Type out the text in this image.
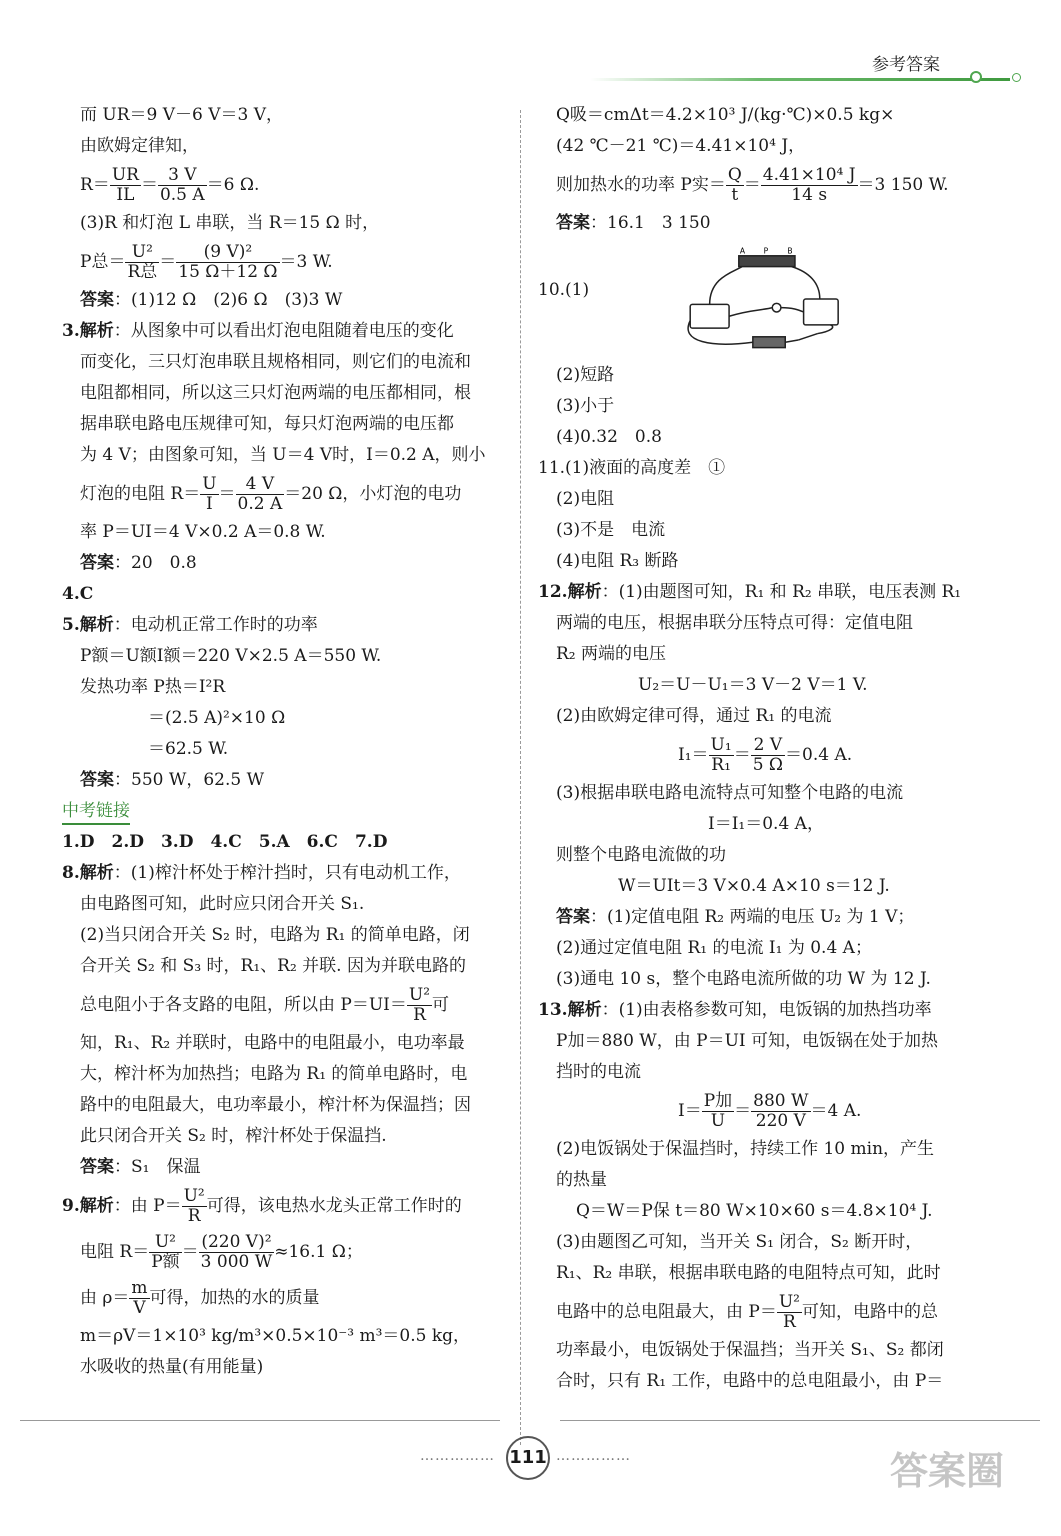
参考答案
而 UR＝9 V－6 V＝3 V，
由欧姆定律知，
$R= \frac{UR}{IL} = \frac{3 V}{0.5 A} =6$ Ω.
(3)R 和灯泡 L 串联，当 R＝15 Ω 时，
P总＝ $\frac{\text{U²}}{\text{R总}} = \frac{\text{(9 V)²}}{15 \Omega+12 \Omega} =3$ W.
答案：(1)12 Ω　(2)6 Ω　(3)3 W
3.解析：从图象中可以看出灯泡电阻随着电压的变化
而变化，三只灯泡串联且规格相同，则它们的电流和
电阻都相同，所以这三只灯泡两端的电压都相同，根
据串联电路电压规律可知，每只灯泡两端的电压都
为 4 V；由图象可知，当 U＝4 V时，I＝0.2 A，则小
灯泡的电阻 $R= \frac{U}{I} = \frac{4 V}{0.2 A} =20$ Ω，小灯泡的电功
率 P＝UI＝4 V×0.2 A＝0.8 W.
答案：20　0.8
4.C
5.解析：电动机正常工作时的功率
P额＝U额I额＝220 V×2.5 A＝550 W.
发热功率 P热＝I²R
＝(2.5 A)²×10 Ω
＝62.5 W.
答案：550 W，62.5 W
中考链接
1.D　2.D　3.D　4.C　5.A　6.C　7.D
8.解析：(1)榨汁杯处于榨汁挡时，只有电动机工作，
由电路图可知，此时应只闭合开关 S₁.
(2)当只闭合开关 S₂ 时，电路为 R₁ 的简单电路，闭
合开关 S₂ 和 S₃ 时，R₁、R₂ 并联. 因为并联电路的
总电阻小于各支路的电阻，所以由 $P=UI= \frac{\text{U²}}{R}$ 可
知，R₁、R₂ 并联时，电路中的电阻最小，电功率最
大，榨汁杯为加热挡；电路为 R₁ 的简单电路时，电
路中的电阻最大，电功率最小，榨汁杯为保温挡；因
此只闭合开关 S₂ 时，榨汁杯处于保温挡.
答案：S₁　保温
9.解析：由 $P= \frac{\text{U²}}{R}$ 可得，该电热水龙头正常工作时的
电阻 $R= \frac{\text{U²}}{\text{P额}} = \frac{\text{(220 V)²}}{3 000 W} \approx 16.1$ Ω；
由 $\rho= \frac{m}{V}$ 可得，加热的水的质量
m＝ρV＝1×10³ kg/m³×0.5×10⁻³ m³＝0.5 kg，
水吸收的热量(有用能量)
Q吸＝cmΔt＝4.2×10³ J/(kg·℃)×0.5 kg×
(42 ℃－21 ℃)＝4.41×10⁴ J，
则加热水的功率 P实＝ $\frac{Q}{t} = \frac{\text{4.41×10⁴ J}}{14 s} =3$ 150 W.
答案：16.1　3 150
10.(1)
A	P	B
(2)短路
(3)小于
(4)0.32　0.8
11.(1)液面的高度差　①
(2)电阻
(3)不是　电流
(4)电阻 R₃ 断路
12.解析：(1)由题图可知，R₁ 和 R₂ 串联，电压表测 R₁
两端的电压，根据串联分压特点可得：定值电阻
R₂ 两端的电压
U₂＝U－U₁＝3 V－2 V＝1 V.
(2)由欧姆定律可得，通过 R₁ 的电流
$I_1= \frac{\text{U₁}}{\text{R₁}} = \frac{2 V}{5 \Omega} =0.4$ A.
(3)根据串联电路电流特点可知整个电路的电流
I＝I₁＝0.4 A，
则整个电路电流做的功
W＝UIt＝3 V×0.4 A×10 s＝12 J.
答案：(1)定值电阻 R₂ 两端的电压 U₂ 为 1 V；
(2)通过定值电阻 R₁ 的电流 I₁ 为 0.4 A；
(3)通电 10 s，整个电路电流所做的功 W 为 12 J.
13.解析：(1)由表格参数可知，电饭锅的加热挡功率
P加＝880 W，由 P＝UI 可知，电饭锅在处于加热
挡时的电流
$I= \frac{\text{P加}}{U} = \frac{880 W}{220 V} =4$ A.
(2)电饭锅处于保温挡时，持续工作 10 min，产生
的热量
Q＝W＝P保 t＝80 W×10×60 s＝4.8×10⁴ J.
(3)由题图乙可知，当开关 S₁ 闭合，S₂ 断开时，
R₁、R₂ 串联，根据串联电路的电阻特点可知，此时
电路中的总电阻最大，由 $P= \frac{\text{U²}}{R}$ 可知，电路中的总
功率最小，电饭锅处于保温挡；当开关 S₁、S₂ 都闭
合时，只有 R₁ 工作，电路中的总电阻最小，由 P＝
…………… 111 ……………	答案圈
